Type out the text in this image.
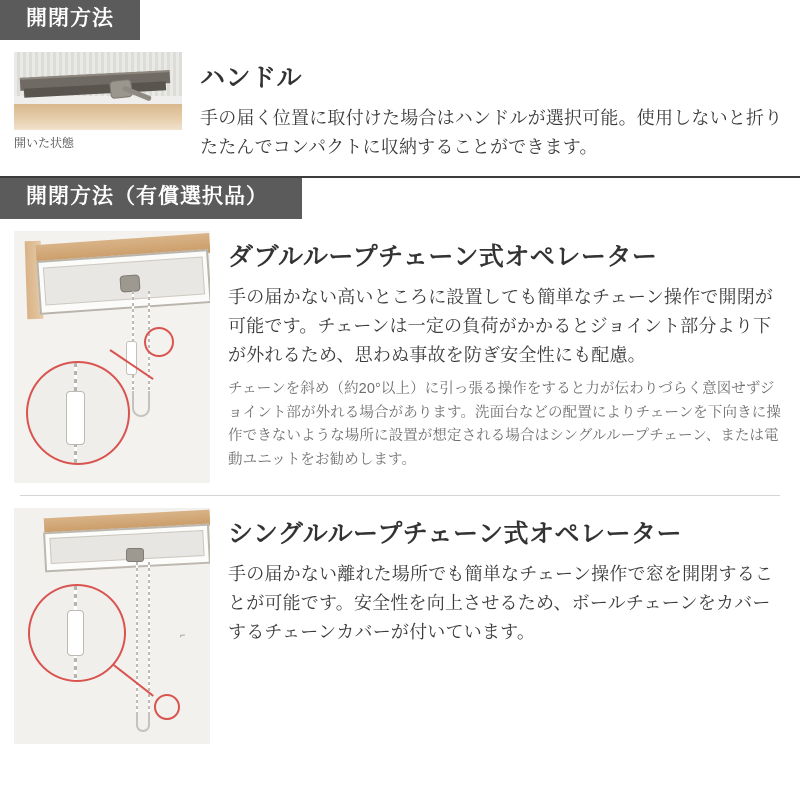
開閉方法
開いた状態
ハンドル

手の届く位置に取付けた場合はハンドルが選択可能。使用しないと折りたたんでコンパクトに収納することができます。

開閉方法（有償選択品）
ダブルループチェーン式オペレーター

手の届かない高いところに設置しても簡単なチェーン操作で開閉が可能です。チェーンは一定の負荷がかかるとジョイント部分より下が外れるため、思わぬ事故を防ぎ安全性にも配慮。

チェーンを斜め（約20°以上）に引っ張る操作をすると力が伝わりづらく意図せずジョイント部が外れる場合があります。洗面台などの配置によりチェーンを下向きに操作できないような場所に設置が想定される場合はシングルループチェーン、または電動ユニットをお勧めします。

⌐
シングルループチェーン式オペレーター

手の届かない離れた場所でも簡単なチェーン操作で窓を開閉することが可能です。安全性を向上させるため、ボールチェーンをカバーするチェーンカバーが付いています。
